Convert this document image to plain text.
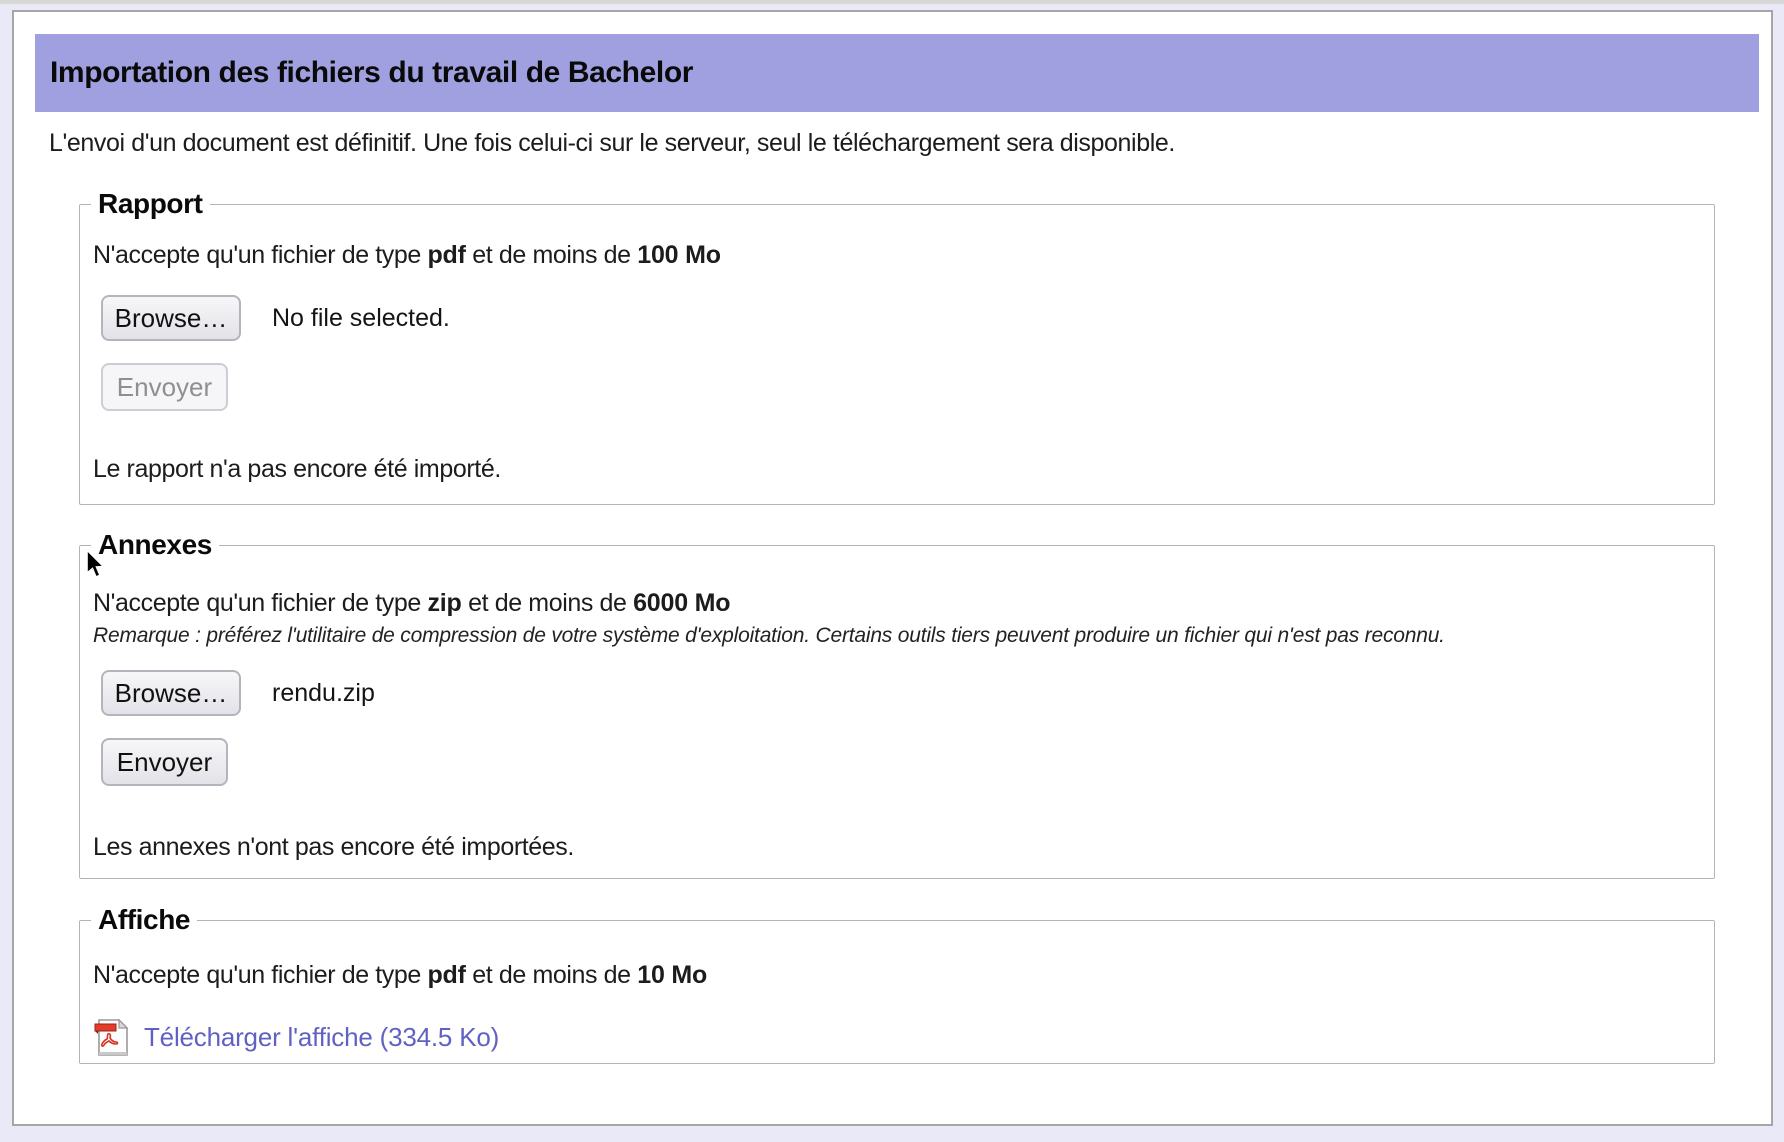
Importation des fichiers du travail de Bachelor

L'envoi d'un document est définitif. Une fois celui-ci sur le serveur, seul le téléchargement sera disponible.

Rapport
N'accepte qu'un fichier de type pdf et de moins de 100 Mo
Browse…	No file selected.
Envoyer
Le rapport n'a pas encore été importé.
Annexes
N'accepte qu'un fichier de type zip et de moins de 6000 Mo
Remarque : préférez l'utilitaire de compression de votre système d'exploitation. Certains outils tiers peuvent produire un fichier qui n'est pas reconnu.
Browse…	rendu.zip
Envoyer
Les annexes n'ont pas encore été importées.
Affiche
N'accepte qu'un fichier de type pdf et de moins de 10 Mo
Télécharger l'affiche (334.5 Ko)
